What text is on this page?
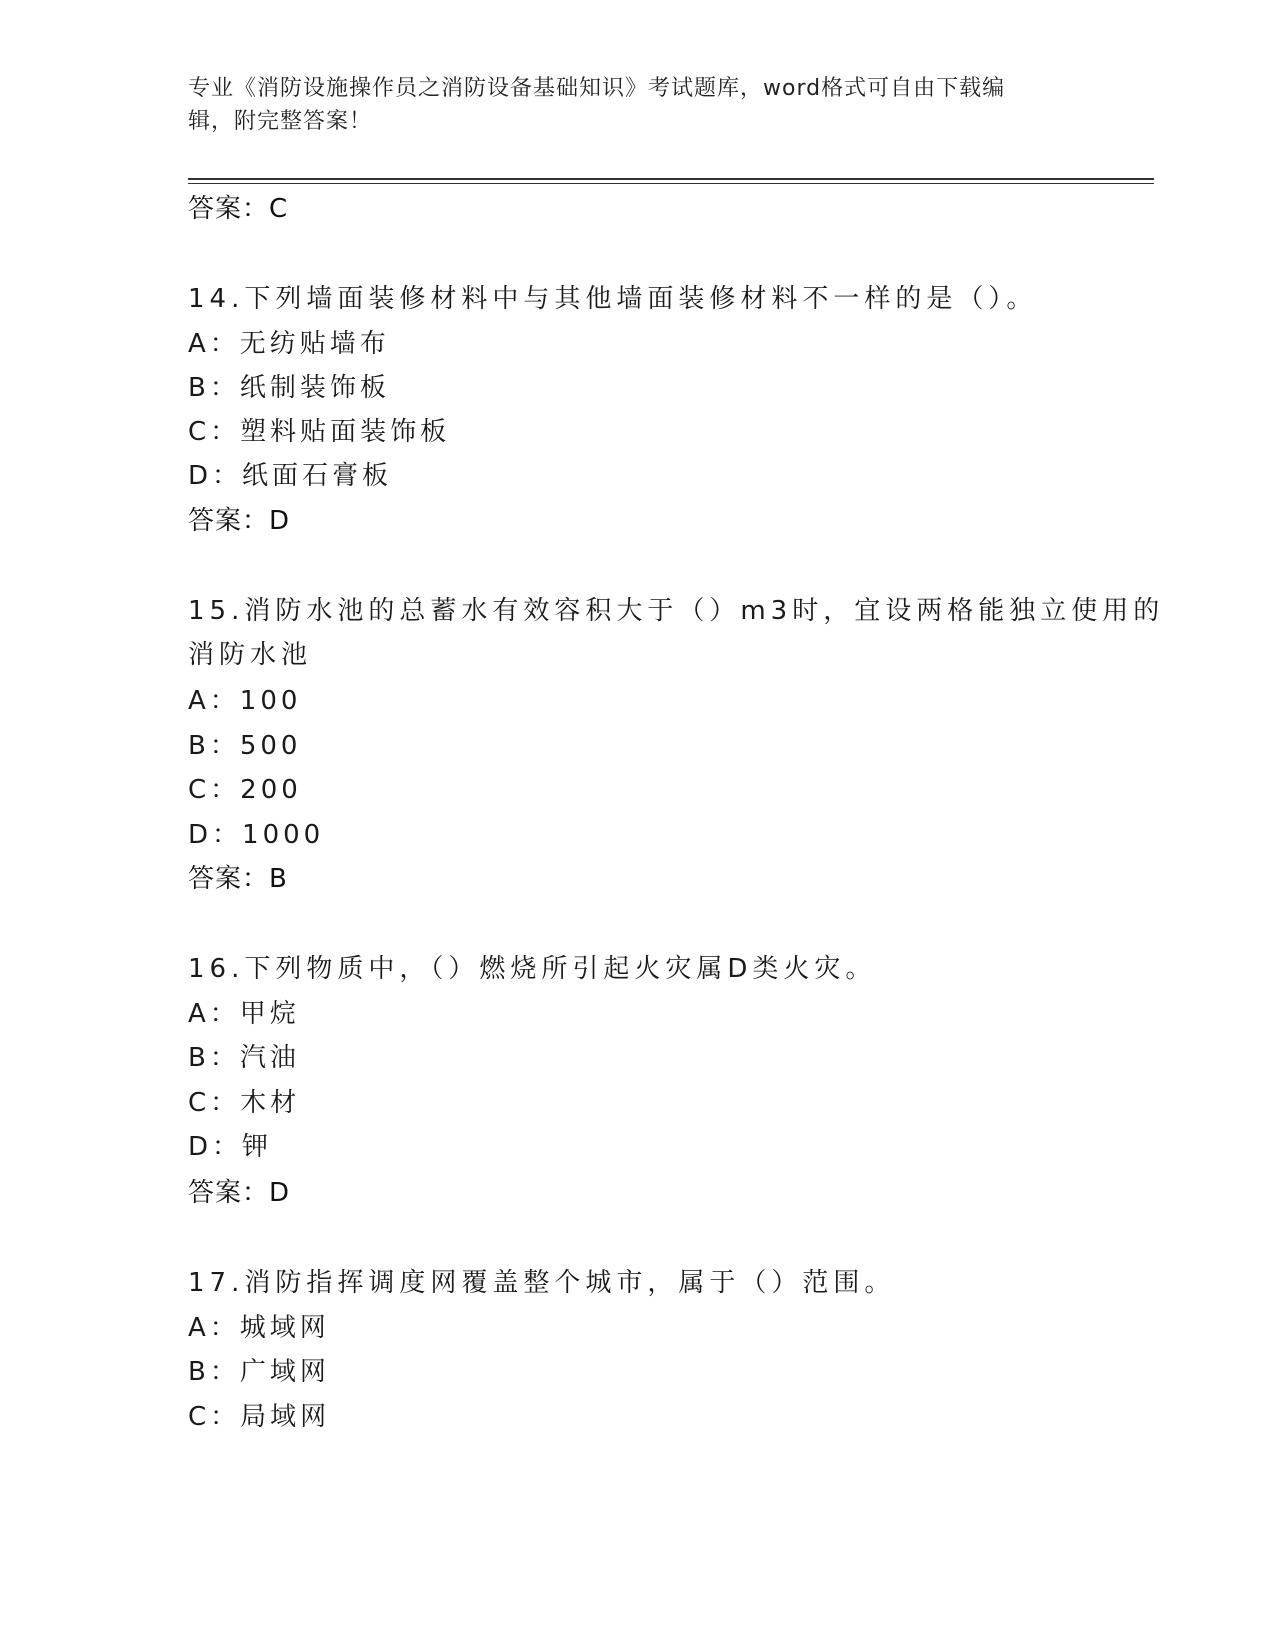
专业《消防设施操作员之消防设备基础知识》考试题库，word格式可自由下载编
辑，附完整答案！
答案：C
14.下列墙面装修材料中与其他墙面装修材料不一样的是（）。
A：无纺贴墙布
B：纸制装饰板
C：塑料贴面装饰板
D：纸面石膏板
答案：D
15.消防水池的总蓄水有效容积大于（）m3时，宜设两格能独立使用的
消防水池
A：100
B：500
C：200
D：1000
答案：B
16.下列物质中，（）燃烧所引起火灾属D类火灾。
A：甲烷
B：汽油
C：木材
D：钾
答案：D
17.消防指挥调度网覆盖整个城市，属于（）范围。
A：城域网
B：广域网
C：局域网
